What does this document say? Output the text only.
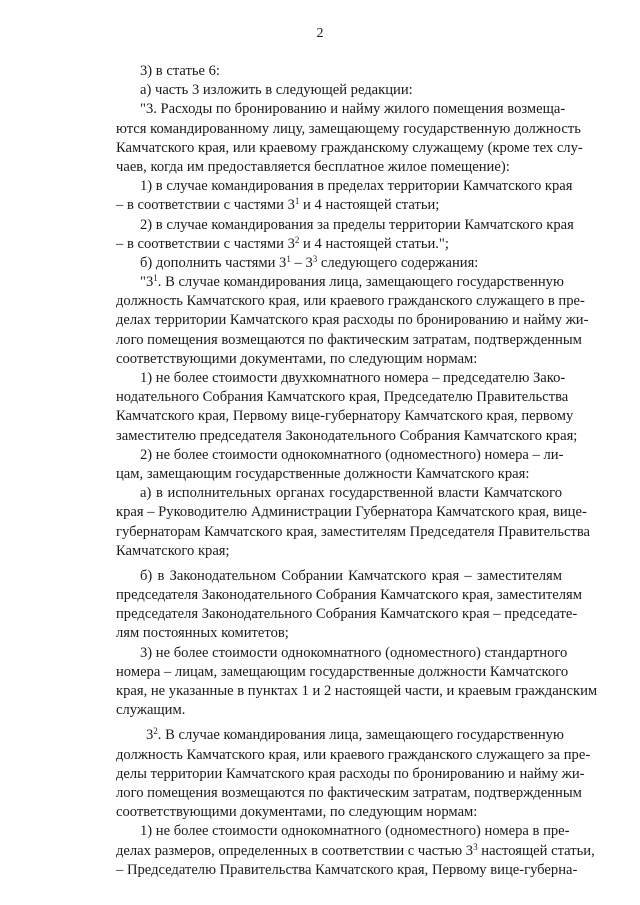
2
3) в статье 6:
а) часть 3 изложить в следующей редакции:
"3. Расходы по бронированию и найму жилого помещения возмеща-
ются командированному лицу, замещающему государственную должность
Камчатского края, или краевому гражданскому служащему (кроме тех слу-
чаев, когда им предоставляется бесплатное жилое помещение):
1) в случае командирования в пределах территории Камчатского края
– в соответствии с частями $3^1$ и 4 настоящей статьи;
2) в случае командирования за пределы территории Камчатского края
– в соответствии с частями $3^2$ и 4 настоящей статьи.";
б) дополнить частями $3^1 - 3^3$ следующего содержания:
"$3^1$. В случае командирования лица, замещающего государственную
должность Камчатского края, или краевого гражданского служащего в пре-
делах территории Камчатского края расходы по бронированию и найму жи-
лого помещения возмещаются по фактическим затратам, подтвержденным
соответствующими документами, по следующим нормам:
1) не более стоимости двухкомнатного номера – председателю Зако-
нодательного Собрания Камчатского края, Председателю Правительства
Камчатского края, Первому вице-губернатору Камчатского края, первому
заместителю председателя Законодательного Собрания Камчатского края;
2) не более стоимости однокомнатного (одноместного) номера – ли-
цам, замещающим государственные должности Камчатского края:
а) в исполнительных органах государственной власти Камчатского
края – Руководителю Администрации Губернатора Камчатского края, вице-
губернаторам Камчатского края, заместителям Председателя Правительства
Камчатского края;
б) в Законодательном Собрании Камчатского края – заместителям
председателя Законодательного Собрания Камчатского края, заместителям
председателя Законодательного Собрания Камчатского края – председате-
лям постоянных комитетов;
3) не более стоимости однокомнатного (одноместного) стандартного
номера – лицам, замещающим государственные должности Камчатского
края, не указанные в пунктах 1 и 2 настоящей части, и краевым гражданским
служащим.
$3^2$. В случае командирования лица, замещающего государственную
должность Камчатского края, или краевого гражданского служащего за пре-
делы территории Камчатского края расходы по бронированию и найму жи-
лого помещения возмещаются по фактическим затратам, подтвержденным
соответствующими документами, по следующим нормам:
1) не более стоимости однокомнатного (одноместного) номера в пре-
делах размеров, определенных в соответствии с частью $3^3$ настоящей статьи,
– Председателю Правительства Камчатского края, Первому вице-губерна-
